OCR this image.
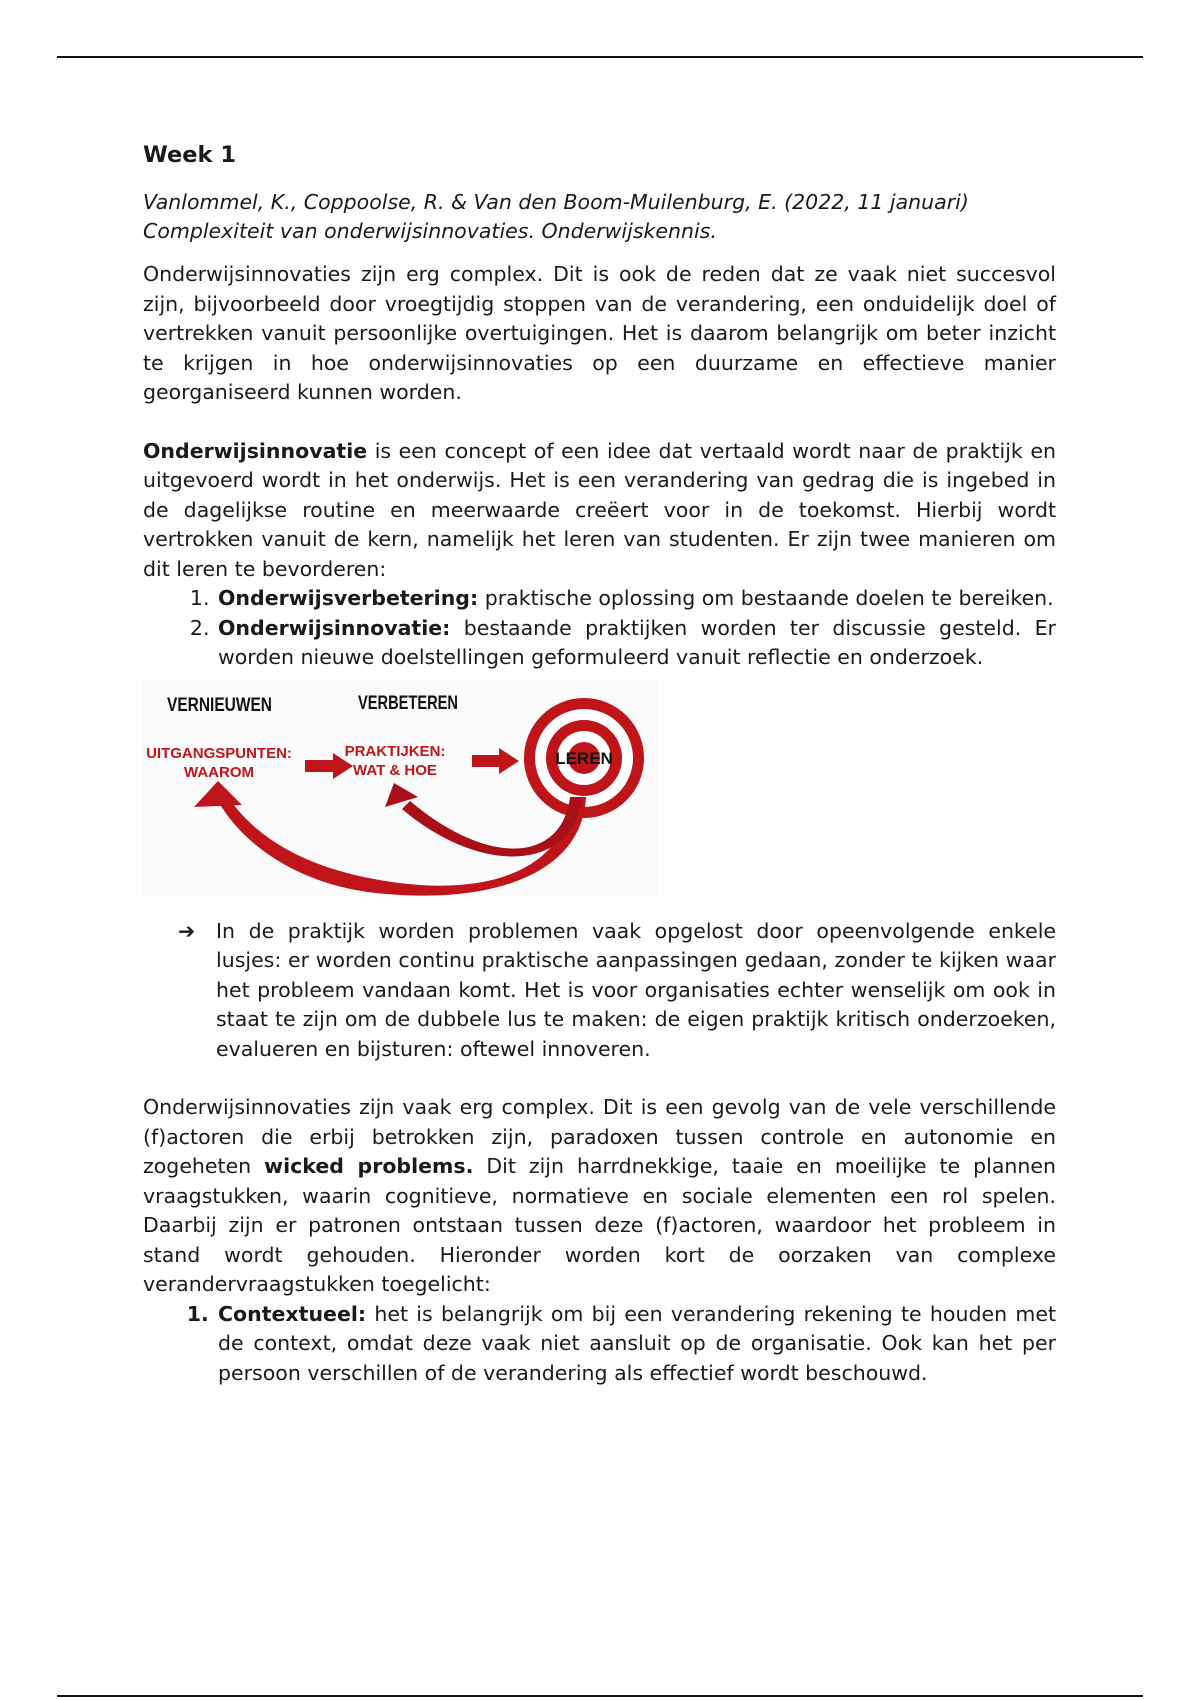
Week 1
Vanlommel, K., Coppoolse, R. & Van den Boom-Muilenburg, E. (2022, 11 januari)
Complexiteit van onderwijsinnovaties. Onderwijskennis.

Onderwijsinnovaties zijn erg complex. Dit is ook de reden dat ze vaak niet succesvol zijn, bijvoorbeeld door vroegtijdig stoppen van de verandering, een onduidelijk doel of vertrekken vanuit persoonlijke overtuigingen. Het is daarom belangrijk om beter inzicht te krijgen in hoe onderwijsinnovaties op een duurzame en effectieve manier georganiseerd kunnen worden.

Onderwijsinnovatie is een concept of een idee dat vertaald wordt naar de praktijk en uitgevoerd wordt in het onderwijs. Het is een verandering van gedrag die is ingebed in de dagelijkse routine en meerwaarde creëert voor in de toekomst. Hierbij wordt vertrokken vanuit de kern, namelijk het leren van studenten. Er zijn twee manieren om dit leren te bevorderen:

1. Onderwijsverbetering: praktische oplossing om bestaande doelen te bereiken.
2. Onderwijsinnovatie: bestaande praktijken worden ter discussie gesteld. Er worden nieuwe doelstellingen geformuleerd vanuit reflectie en onderzoek.
VERNIEUWEN	VERBETEREN
UITGANGSPUNTEN:
WAAROM
PRAKTIJKEN:
WAT & HOE
LEREN
➔ In de praktijk worden problemen vaak opgelost door opeenvolgende enkele lusjes: er worden continu praktische aanpassingen gedaan, zonder te kijken waar het probleem vandaan komt. Het is voor organisaties echter wenselijk om ook in staat te zijn om de dubbele lus te maken: de eigen praktijk kritisch onderzoeken, evalueren en bijsturen: oftewel innoveren.

Onderwijsinnovaties zijn vaak erg complex. Dit is een gevolg van de vele verschillende (f)actoren die erbij betrokken zijn, paradoxen tussen controle en autonomie en zogeheten wicked problems. Dit zijn harrdnekkige, taaie en moeilijke te plannen vraagstukken, waarin cognitieve, normatieve en sociale elementen een rol spelen. Daarbij zijn er patronen ontstaan tussen deze (f)actoren, waardoor het probleem in stand wordt gehouden. Hieronder worden kort de oorzaken van complexe verandervraagstukken toegelicht:

1. Contextueel: het is belangrijk om bij een verandering rekening te houden met de context, omdat deze vaak niet aansluit op de organisatie. Ook kan het per persoon verschillen of de verandering als effectief wordt beschouwd.
